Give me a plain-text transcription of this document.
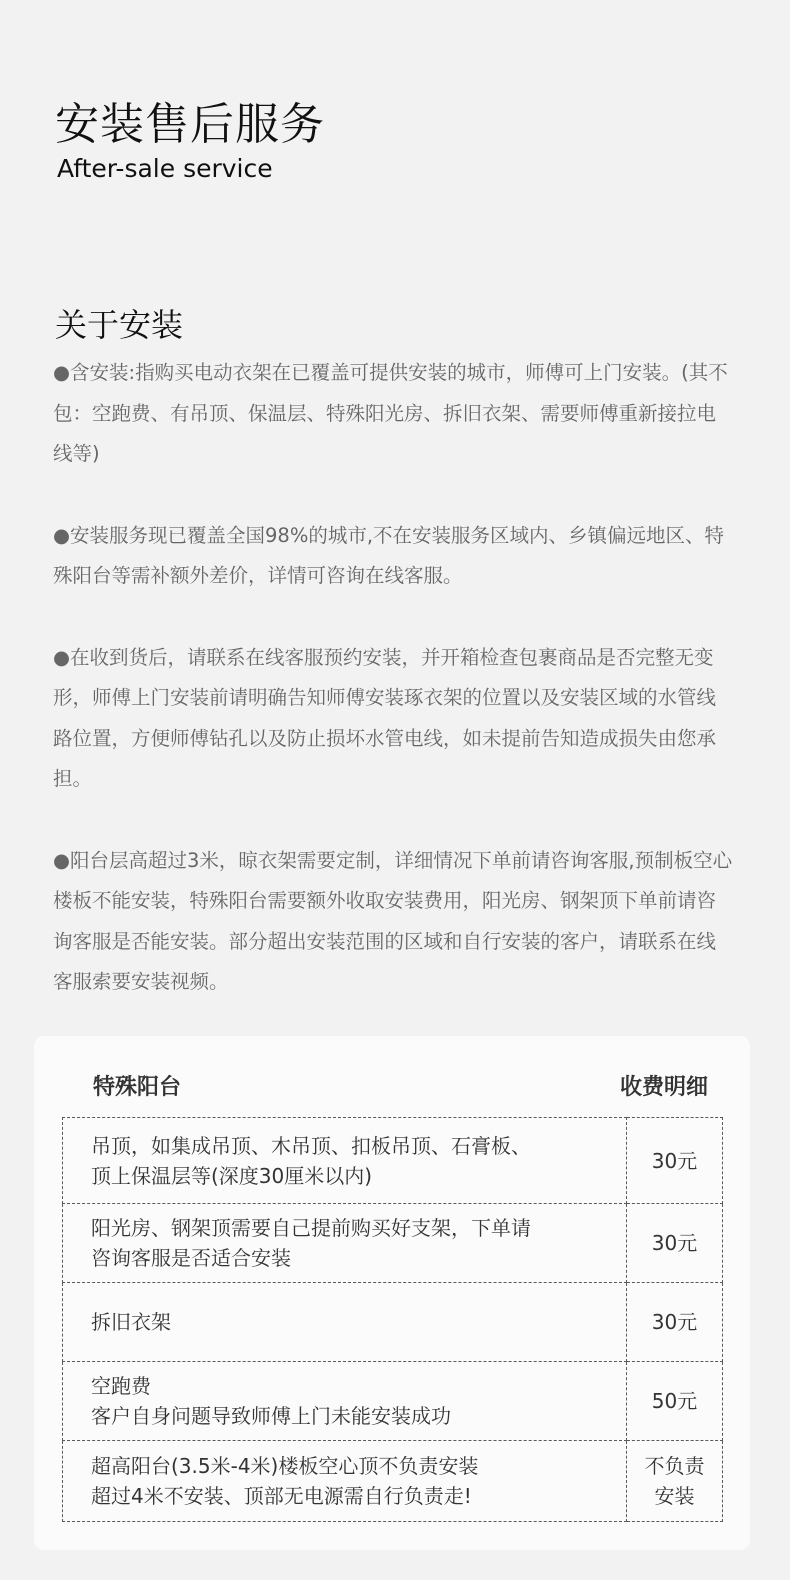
安装售后服务
After-sale service
关于安装

●含安装:指购买电动衣架在已覆盖可提供安装的城市，师傅可上门安装。(其不包：空跑费、有吊顶、保温层、特殊阳光房、拆旧衣架、需要师傅重新接拉电线等)

●安装服务现已覆盖全国98%的城市,不在安装服务区域内、乡镇偏远地区、特殊阳台等需补额外差价，详情可咨询在线客服。

●在收到货后，请联系在线客服预约安装，并开箱检查包裹商品是否完整无变形，师傅上门安装前请明确告知师傅安装琢衣架的位置以及安装区域的水管线路位置，方便师傅钻孔以及防止损坏水管电线，如未提前告知造成损失由您承担。

●阳台层高超过3米，晾衣架需要定制，详细情况下单前请咨询客服,预制板空心楼板不能安装，特殊阳台需要额外收取安装费用，阳光房、钢架顶下单前请咨询客服是否能安装。部分超出安装范围的区域和自行安装的客户，请联系在线客服索要安装视频。

特殊阳台	收费明细
吊顶，如集成吊顶、木吊顶、扣板吊顶、石膏板、
顶上保温层等(深度30厘米以内)	30元

阳光房、钢架顶需要自己提前购买好支架，下单请
咨询客服是否适合安装	30元

拆旧衣架	30元

空跑费
客户自身问题导致师傅上门未能安装成功	50元

超高阳台(3.5米-4米)楼板空心顶不负责安装
超过4米不安装、顶部无电源需自行负责走!	不负责
安装
